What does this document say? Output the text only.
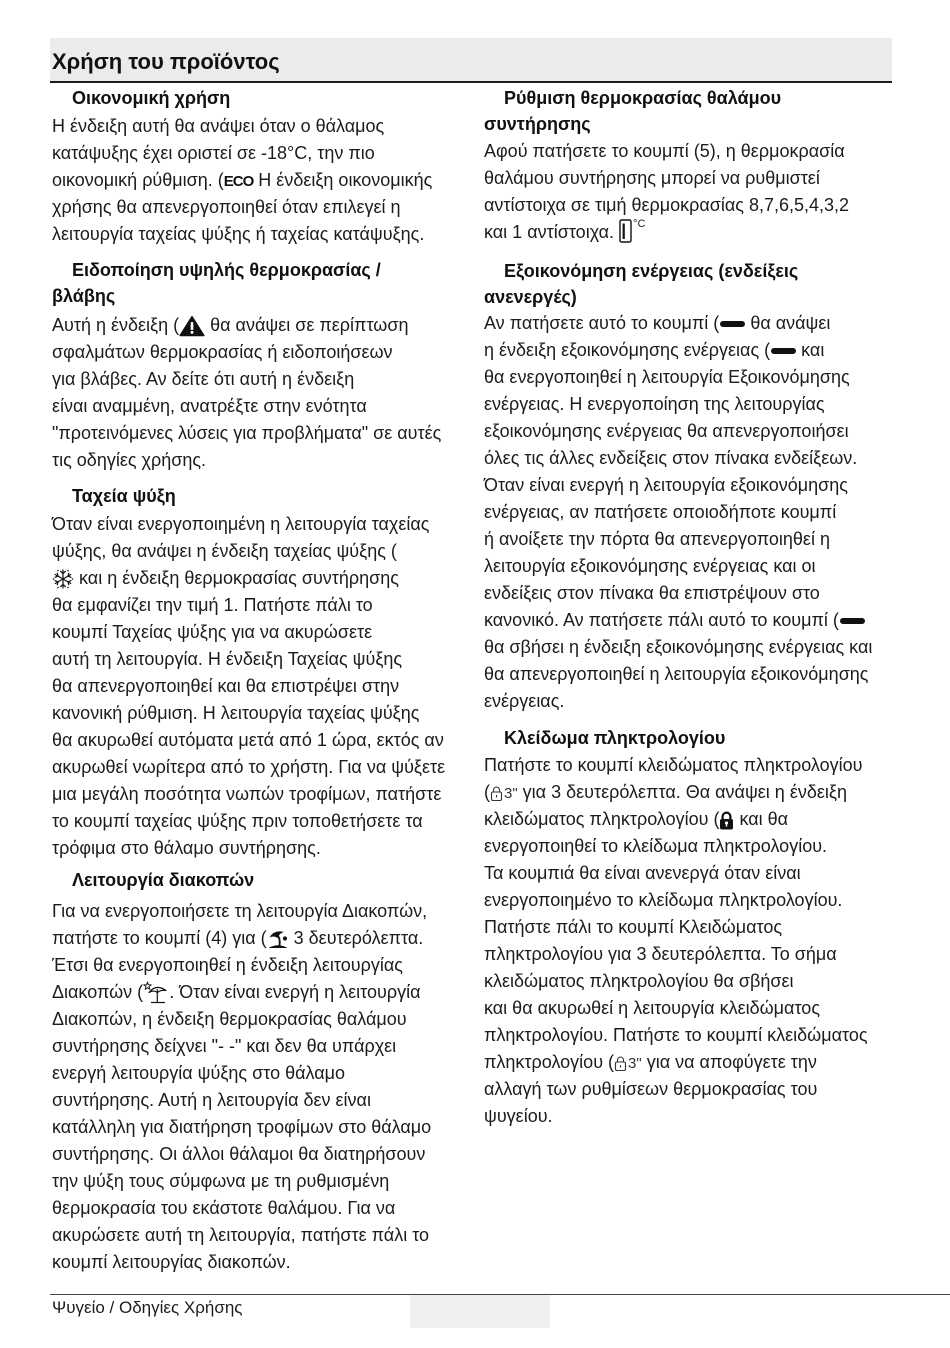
Χρήση του προϊόντος
Οικονομική χρήση
Η ένδειξη αυτή θα ανάψει όταν ο θάλαμος
κατάψυξης έχει οριστεί σε -18°C, την πιο
οικονομική ρύθμιση. (ECO Η ένδειξη οικονομικής
χρήσης θα απενεργοποιηθεί όταν επιλεγεί η
λειτουργία ταχείας ψύξης ή ταχείας κατάψυξης.
Ειδοποίηση υψηλής θερμοκρασίας /
βλάβης
Αυτή η ένδειξη (
θα ανάψει σε περίπτωση
σφαλμάτων θερμοκρασίας ή ειδοποιήσεων
για βλάβες. Αν δείτε ότι αυτή η ένδειξη
είναι αναμμένη, ανατρέξτε στην ενότητα
"προτεινόμενες λύσεις για προβλήματα" σε αυτές
τις οδηγίες χρήσης.
Ταχεία ψύξη
Όταν είναι ενεργοποιημένη η λειτουργία ταχείας
ψύξης, θα ανάψει η ένδειξη ταχείας ψύξης (
και η ένδειξη θερμοκρασίας συντήρησης
θα εμφανίζει την τιμή 1. Πατήστε πάλι το
κουμπί Ταχείας ψύξης για να ακυρώσετε
αυτή τη λειτουργία. Η ένδειξη Ταχείας ψύξης
θα απενεργοποιηθεί και θα επιστρέψει στην
κανονική ρύθμιση. Η λειτουργία ταχείας ψύξης
θα ακυρωθεί αυτόματα μετά από 1 ώρα, εκτός αν
ακυρωθεί νωρίτερα από το χρήστη. Για να ψύξετε
μια μεγάλη ποσότητα νωπών τροφίμων, πατήστε
το κουμπί ταχείας ψύξης πριν τοποθετήσετε τα
τρόφιμα στο θάλαμο συντήρησης.
Λειτουργία διακοπών
Για να ενεργοποιήσετε τη λειτουργία Διακοπών,
πατήστε το κουμπί (4) για (
3 δευτερόλεπτα.
Έτσι θα ενεργοποιηθεί η ένδειξη λειτουργίας
Διακοπών ( . Όταν είναι ενεργή η λειτουργία
Διακοπών, η ένδειξη θερμοκρασίας θαλάμου
συντήρησης δείχνει "- -" και δεν θα υπάρχει
ενεργή λειτουργία ψύξης στο θάλαμο
συντήρησης. Αυτή η λειτουργία δεν είναι
κατάλληλη για διατήρηση τροφίμων στο θάλαμο
συντήρησης. Οι άλλοι θάλαμοι θα διατηρήσουν
την ψύξη τους σύμφωνα με τη ρυθμισμένη
θερμοκρασία του εκάστοτε θαλάμου. Για να
ακυρώσετε αυτή τη λειτουργία, πατήστε πάλι το
κουμπί λειτουργίας διακοπών.
Ρύθμιση θερμοκρασίας θαλάμου
συντήρησης
Αφού πατήσετε το κουμπί (5), η θερμοκρασία
θαλάμου συντήρησης μπορεί να ρυθμιστεί
αντίστοιχα σε τιμή θερμοκρασίας 8,7,6,5,4,3,2
και 1 αντίστοιχα. °C
Εξοικονόμηση ενέργειας (ενδείξεις
ανενεργές)
Αν πατήσετε αυτό το κουμπί ( θα ανάψει
η ένδειξη εξοικονόμησης ενέργειας ( και
θα ενεργοποιηθεί η λειτουργία Εξοικονόμησης
ενέργειας. Η ενεργοποίηση της λειτουργίας
εξοικονόμησης ενέργειας θα απενεργοποιήσει
όλες τις άλλες ενδείξεις στον πίνακα ενδείξεων.
Όταν είναι ενεργή η λειτουργία εξοικονόμησης
ενέργειας, αν πατήσετε οποιοδήποτε κουμπί
ή ανοίξετε την πόρτα θα απενεργοποιηθεί η
λειτουργία εξοικονόμησης ενέργειας και οι
ενδείξεις στον πίνακα θα επιστρέψουν στο
κανονικό. Αν πατήσετε πάλι αυτό το κουμπί (
θα σβήσει η ένδειξη εξοικονόμησης ενέργειας και
θα απενεργοποιηθεί η λειτουργία εξοικονόμησης
ενέργειας.
Κλείδωμα πληκτρολογίου
Πατήστε το κουμπί κλειδώματος πληκτρολογίου
( 3" για 3 δευτερόλεπτα. Θα ανάψει η ένδειξη
κλειδώματος πληκτρολογίου (
και θα
ενεργοποιηθεί το κλείδωμα πληκτρολογίου.
Τα κουμπιά θα είναι ανενεργά όταν είναι
ενεργοποιημένο το κλείδωμα πληκτρολογίου.
Πατήστε πάλι το κουμπί Κλειδώματος
πληκτρολογίου για 3 δευτερόλεπτα. Το σήμα
κλειδώματος πληκτρολογίου θα σβήσει
και θα ακυρωθεί η λειτουργία κλειδώματος
πληκτρολογίου. Πατήστε το κουμπί κλειδώματος
πληκτρολογίου ( 3" για να αποφύγετε την
αλλαγή των ρυθμίσεων θερμοκρασίας του
ψυγείου.
Ψυγείο / Οδηγίες Χρήσης
